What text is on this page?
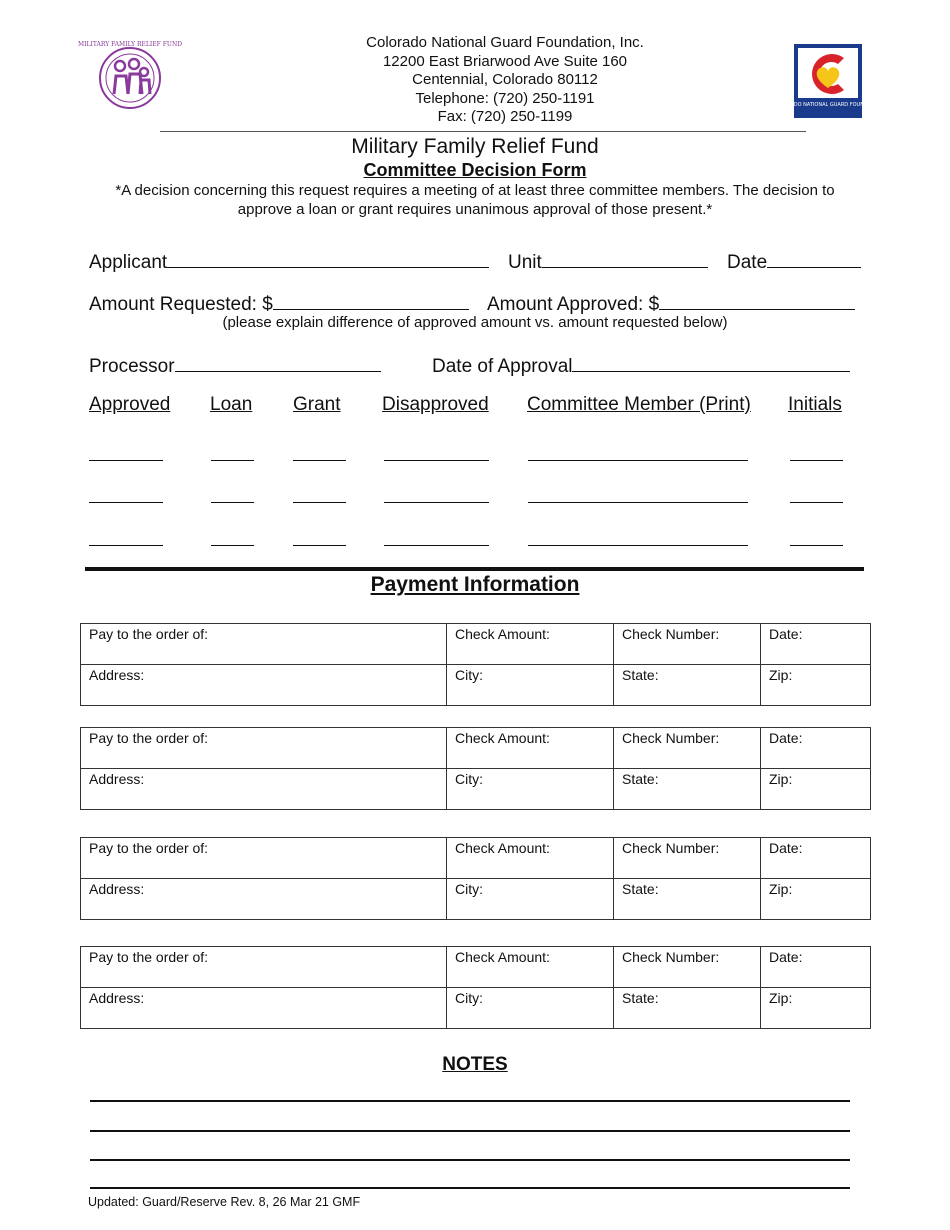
MILITARY FAMILY RELIEF FUND	Colorado National Guard Foundation, Inc.
12200 East Briarwood Ave Suite 160
Centennial, Colorado 80112
Telephone: (720) 250-1191
Fax: (720) 250-1199
COLORADO NATIONAL GUARD FOUNDATION
Military Family Relief Fund
Committee Decision Form
*A decision concerning this request requires a meeting of at least three committee members. The decision to approve a loan or grant requires unanimous approval of those present.*
Applicant	Unit	Date
Amount Requested: $	Amount Approved: $
(please explain difference of approved amount vs. amount requested below)
Processor	Date of Approval
Approved Loan Grant Disapproved Committee Member (Print) Initials
Payment Information
Pay to the order of:	Check Amount:	Check Number:	Date:
Address:	City:	State:	Zip:
Pay to the order of:	Check Amount:	Check Number:	Date:
Address:	City:	State:	Zip:
Pay to the order of:	Check Amount:	Check Number:	Date:
Address:	City:	State:	Zip:
Pay to the order of:	Check Amount:	Check Number:	Date:
Address:	City:	State:	Zip:
NOTES
Updated: Guard/Reserve Rev. 8, 26 Mar 21 GMF
